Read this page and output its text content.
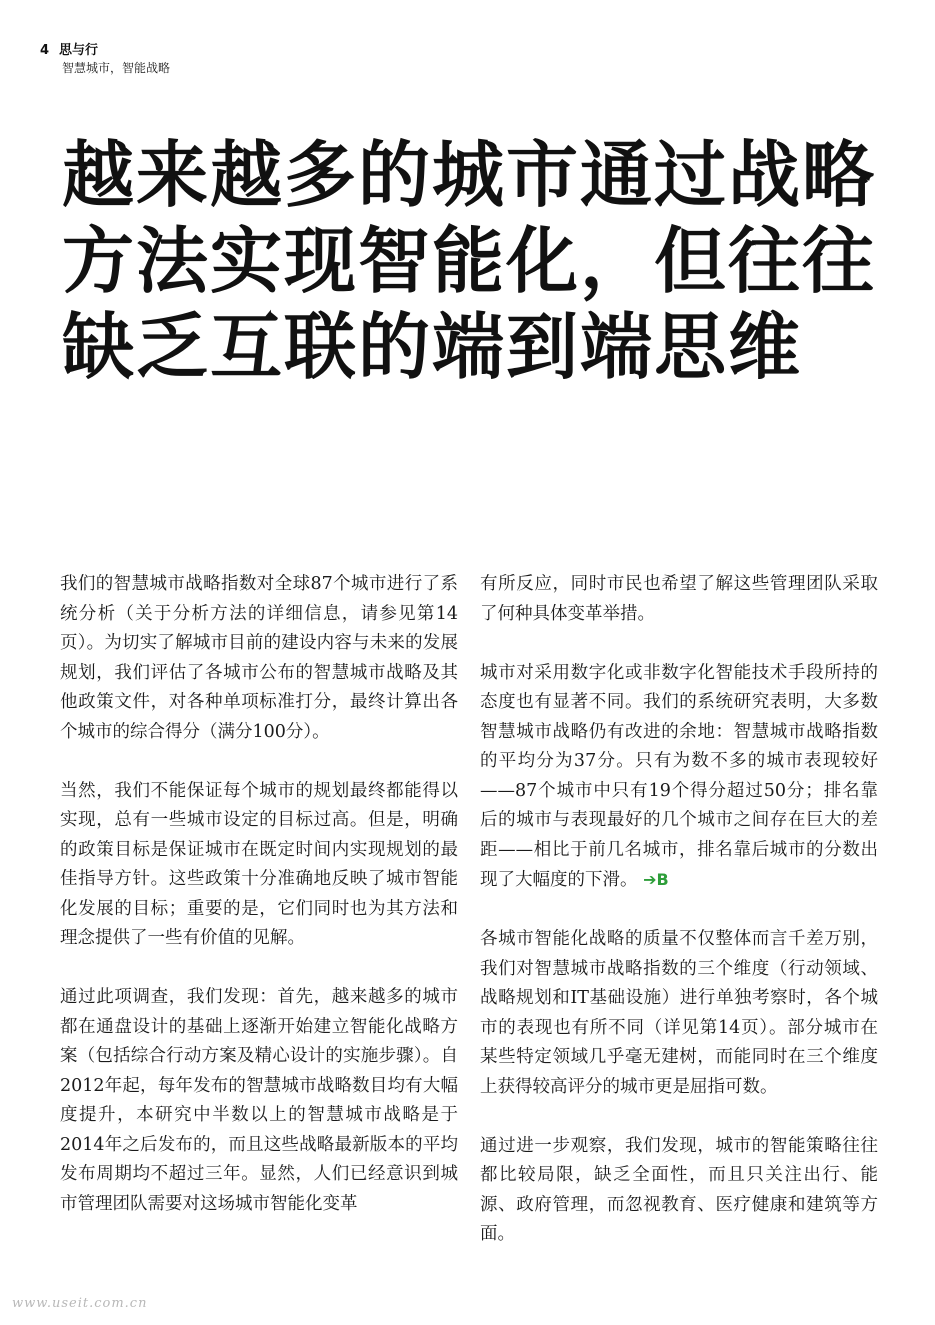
4 思与行
智慧城市，智能战略
越来越多的城市通过战略
方法实现智能化，但往往
缺乏互联的端到端思维

我们的智慧城市战略指数对全球87个城市进行了系统分析（关于分析方法的详细信息，请参见第14页）。为切实了解城市目前的建设内容与未来的发展规划，我们评估了各城市公布的智慧城市战略及其他政策文件，对各种单项标准打分，最终计算出各个城市的综合得分（满分100分）。

当然，我们不能保证每个城市的规划最终都能得以实现，总有一些城市设定的目标过高。但是，明确的政策目标是保证城市在既定时间内实现规划的最佳指导方针。这些政策十分准确地反映了城市智能化发展的目标；重要的是，它们同时也为其方法和理念提供了一些有价值的见解。

通过此项调查，我们发现：首先，越来越多的城市都在通盘设计的基础上逐渐开始建立智能化战略方案（包括综合行动方案及精心设计的实施步骤）。自2012年起，每年发布的智慧城市战略数目均有大幅度提升，本研究中半数以上的智慧城市战略是于2014年之后发布的，而且这些战略最新版本的平均发布周期均不超过三年。显然，人们已经意识到城市管理团队需要对这场城市智能化变革

有所反应，同时市民也希望了解这些管理团队采取了何种具体变革举措。

城市对采用数字化或非数字化智能技术手段所持的态度也有显著不同。我们的系统研究表明，大多数智慧城市战略仍有改进的余地：智慧城市战略指数的平均分为37分。只有为数不多的城市表现较好——87个城市中只有19个得分超过50分；排名靠后的城市与表现最好的几个城市之间存在巨大的差距——相比于前几名城市，排名靠后城市的分数出现了大幅度的下滑。 ➔B

各城市智能化战略的质量不仅整体而言千差万别，我们对智慧城市战略指数的三个维度（行动领域、战略规划和IT基础设施）进行单独考察时，各个城市的表现也有所不同（详见第14页）。部分城市在某些特定领域几乎毫无建树，而能同时在三个维度上获得较高评分的城市更是屈指可数。

通过进一步观察，我们发现，城市的智能策略往往都比较局限，缺乏全面性，而且只关注出行、能源、政府管理，而忽视教育、医疗健康和建筑等方面。

www.useit.com.cn
